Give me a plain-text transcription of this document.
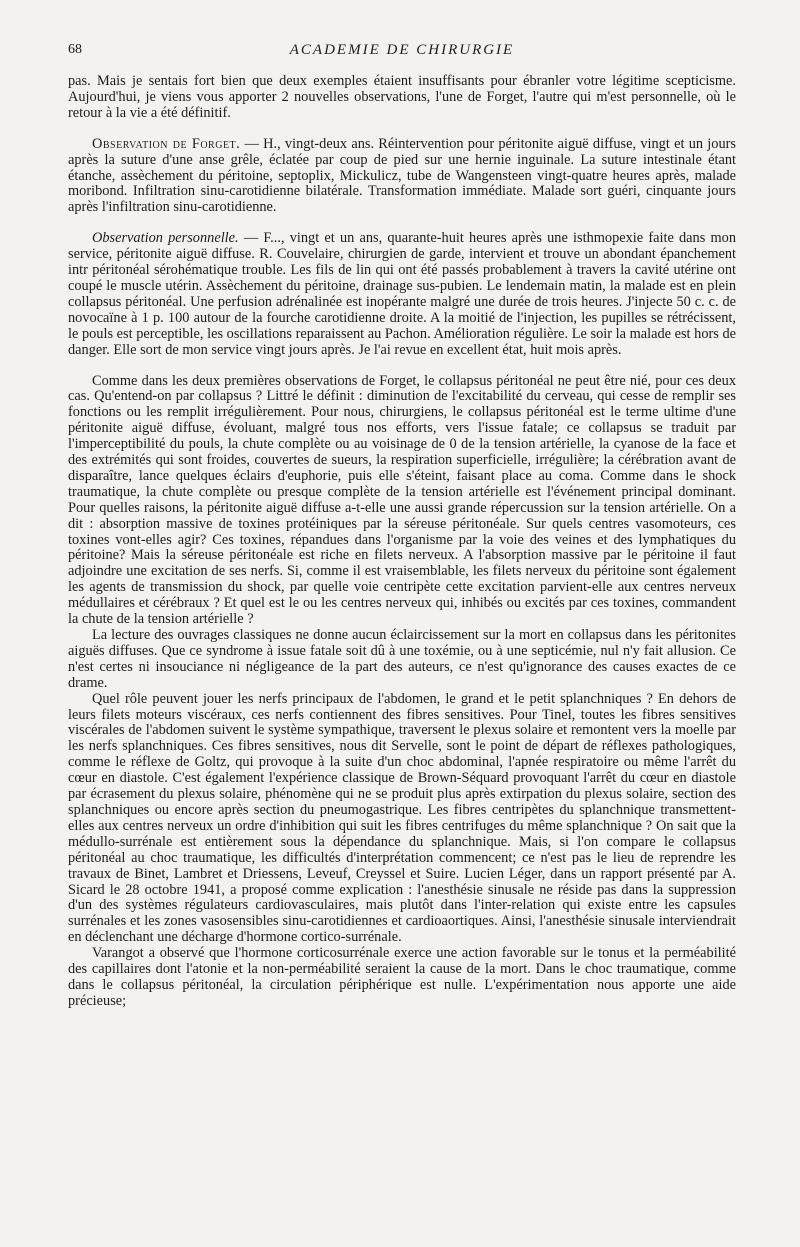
68	ACADEMIE DE CHIRURGIE

pas. Mais je sentais fort bien que deux exemples étaient insuffisants pour ébranler votre légitime scepticisme. Aujourd'hui, je viens vous apporter 2 nouvelles observations, l'une de Forget, l'autre qui m'est personnelle, où le retour à la vie a été définitif.

Observation de Forget. — H., vingt-deux ans. Réintervention pour péritonite aiguë diffuse, vingt et un jours après la suture d'une anse grêle, éclatée par coup de pied sur une hernie inguinale. La suture intestinale étant étanche, assèchement du péritoine, septoplix, Mickulicz, tube de Wangensteen vingt-quatre heures après, malade moribond. Infiltration sinu-carotidienne bilatérale. Transformation immédiate. Malade sort guéri, cinquante jours après l'infiltration sinu-carotidienne.

Observation personnelle. — F..., vingt et un ans, quarante-huit heures après une isthmopexie faite dans mon service, péritonite aiguë diffuse. R. Couvelaire, chirurgien de garde, intervient et trouve un abondant épanchement intr péritonéal sérohématique trouble. Les fils de lin qui ont été passés probablement à travers la cavité utérine ont coupé le muscle utérin. Assèchement du péritoine, drainage sus-pubien. Le lendemain matin, la malade est en plein collapsus péritonéal. Une perfusion adrénalinée est inopérante malgré une durée de trois heures. J'injecte 50 c. c. de novocaïne à 1 p. 100 autour de la fourche carotidienne droite. A la moitié de l'injection, les pupilles se rétrécissent, le pouls est perceptible, les oscillations reparaissent au Pachon. Amélioration régulière. Le soir la malade est hors de danger. Elle sort de mon service vingt jours après. Je l'ai revue en excellent état, huit mois après.

Comme dans les deux premières observations de Forget, le collapsus péritonéal ne peut être nié, pour ces deux cas. Qu'entend-on par collapsus ? Littré le définit : diminution de l'excitabilité du cerveau, qui cesse de remplir ses fonctions ou les remplit irrégulièrement. Pour nous, chirurgiens, le collapsus péritonéal est le terme ultime d'une péritonite aiguë diffuse, évoluant, malgré tous nos efforts, vers l'issue fatale; ce collapsus se traduit par l'imperceptibilité du pouls, la chute complète ou au voisinage de 0 de la tension artérielle, la cyanose de la face et des extrémités qui sont froides, couvertes de sueurs, la respiration superficielle, irrégulière; la cérébration avant de disparaître, lance quelques éclairs d'euphorie, puis elle s'éteint, faisant place au coma. Comme dans le shock traumatique, la chute complète ou presque complète de la tension artérielle est l'événement principal dominant. Pour quelles raisons, la péritonite aiguë diffuse a-t-elle une aussi grande répercussion sur la tension artérielle. On a dit : absorption massive de toxines protéiniques par la séreuse péritonéale. Sur quels centres vasomoteurs, ces toxines vont-elles agir? Ces toxines, répandues dans l'organisme par la voie des veines et des lymphatiques du péritoine? Mais la séreuse péritonéale est riche en filets nerveux. A l'absorption massive par le péritoine il faut adjoindre une excitation de ses nerfs. Si, comme il est vraisemblable, les filets nerveux du péritoine sont également les agents de transmission du shock, par quelle voie centripète cette excitation parvient-elle aux centres nerveux médullaires et cérébraux ? Et quel est le ou les centres nerveux qui, inhibés ou excités par ces toxines, commandent la chute de la tension artérielle ?

La lecture des ouvrages classiques ne donne aucun éclaircissement sur la mort en collapsus dans les péritonites aiguës diffuses. Que ce syndrome à issue fatale soit dû à une toxémie, ou à une septicémie, nul n'y fait allusion. Ce n'est certes ni insouciance ni négligeance de la part des auteurs, ce n'est qu'ignorance des causes exactes de ce drame.

Quel rôle peuvent jouer les nerfs principaux de l'abdomen, le grand et le petit splanchniques ? En dehors de leurs filets moteurs viscéraux, ces nerfs contiennent des fibres sensitives. Pour Tinel, toutes les fibres sensitives viscérales de l'abdomen suivent le système sympathique, traversent le plexus solaire et remontent vers la moelle par les nerfs splanchniques. Ces fibres sensitives, nous dit Servelle, sont le point de départ de réflexes pathologiques, comme le réflexe de Goltz, qui provoque à la suite d'un choc abdominal, l'apnée respiratoire ou même l'arrêt du cœur en diastole. C'est également l'expérience classique de Brown-Séquard provoquant l'arrêt du cœur en diastole par écrasement du plexus solaire, phénomène qui ne se produit plus après extirpation du plexus solaire, section des splanchniques ou encore après section du pneumogastrique. Les fibres centripètes du splanchnique transmettent-elles aux centres nerveux un ordre d'inhibition qui suit les fibres centrifuges du même splanchnique ? On sait que la médullo-surrénale est entièrement sous la dépendance du splanchnique. Mais, si l'on compare le collapsus péritonéal au choc traumatique, les difficultés d'interprétation commencent; ce n'est pas le lieu de reprendre les travaux de Binet, Lambret et Driessens, Leveuf, Creyssel et Suire. Lucien Léger, dans un rapport présenté par A. Sicard le 28 octobre 1941, a proposé comme explication : l'anesthésie sinusale ne réside pas dans la suppression d'un des systèmes régulateurs cardiovasculaires, mais plutôt dans l'inter-relation qui existe entre les capsules surrénales et les zones vasosensibles sinu-carotidiennes et cardioaortiques. Ainsi, l'anesthésie sinusale interviendrait en déclenchant une décharge d'hormone cortico-surrénale.

Varangot a observé que l'hormone corticosurrénale exerce une action favorable sur le tonus et la perméabilité des capillaires dont l'atonie et la non-perméabilité seraient la cause de la mort. Dans le choc traumatique, comme dans le collapsus péritonéal, la circulation périphérique est nulle. L'expérimentation nous apporte une aide précieuse;
